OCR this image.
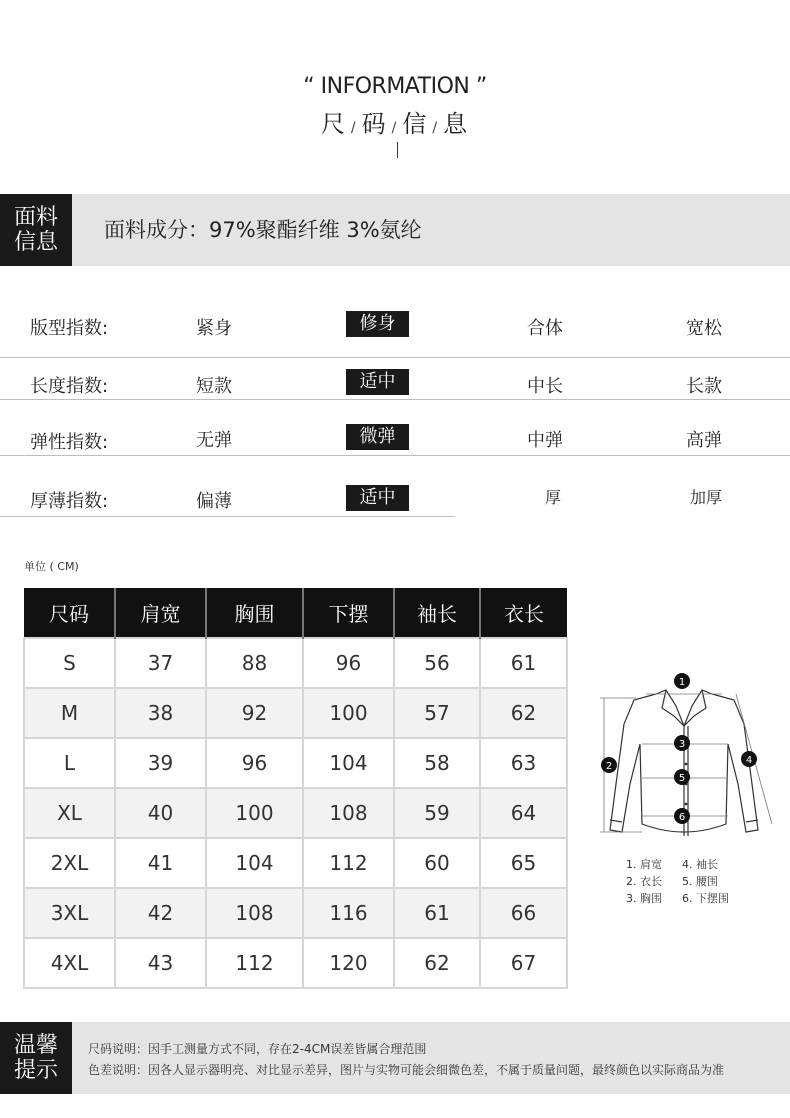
“ INFORMATION ”
尺 / 码 / 信 / 息
面料
信息	面料成分：97%聚酯纤维 3%氨纶
版型指数:	紧身	修身	合体	宽松
长度指数:	短款	适中	中长	长款
弹性指数:	无弹	微弹	中弹	高弹
厚薄指数:	偏薄	适中	厚	加厚
单位 ( CM)
尺码	肩宽	胸围	下摆	袖长	衣长
S	37	88	96	56	61
M	38	92	100	57	62
L	39	96	104	58	63
XL	40	100	108	59	64
2XL	41	104	112	60	65
3XL	42	108	116	61	66
4XL	43	112	120	62	67
1
2
3
4
5
6
1. 肩宽 4. 袖长
2. 衣长 5. 腰围
3. 胸围 6. 下摆围
温馨
提示
尺码说明：因手工测量方式不同，存在2-4CM误差皆属合理范围
色差说明：因各人显示器明亮、对比显示差异，图片与实物可能会细微色差，不属于质量问题，最终颜色以实际商品为准
